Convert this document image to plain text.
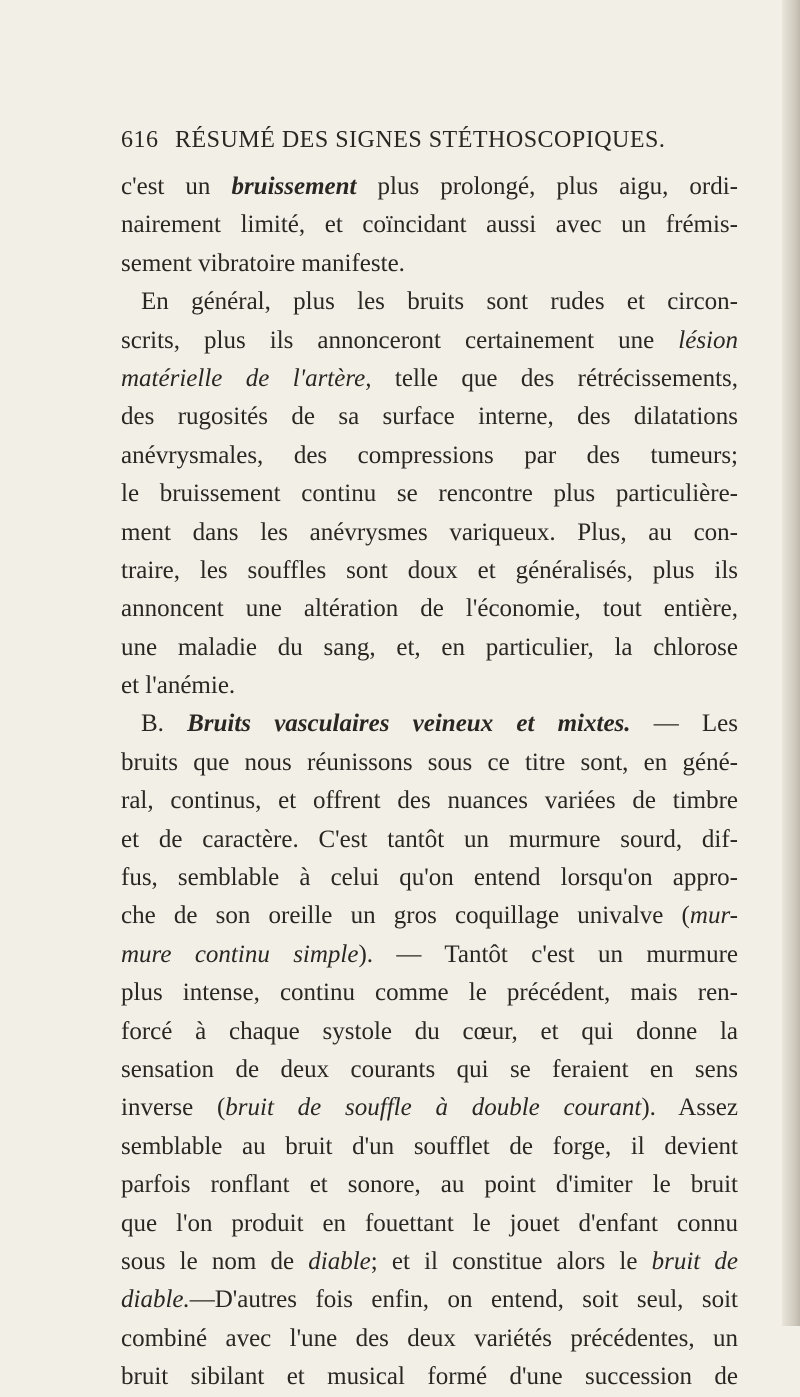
616 RÉSUMÉ DES SIGNES STÉTHOSCOPIQUES.
c'est un bruissement plus prolongé, plus aigu, ordi-
nairement limité, et coïncidant aussi avec un frémis-
sement vibratoire manifeste.
En général, plus les bruits sont rudes et circon-
scrits, plus ils annonceront certainement une lésion
matérielle de l'artère, telle que des rétrécissements,
des rugosités de sa surface interne, des dilatations
anévrysmales, des compressions par des tumeurs;
le bruissement continu se rencontre plus particulière-
ment dans les anévrysmes variqueux. Plus, au con-
traire, les souffles sont doux et généralisés, plus ils
annoncent une altération de l'économie, tout entière,
une maladie du sang, et, en particulier, la chlorose
et l'anémie.
B. Bruits vasculaires veineux et mixtes. — Les
bruits que nous réunissons sous ce titre sont, en géné-
ral, continus, et offrent des nuances variées de timbre
et de caractère. C'est tantôt un murmure sourd, dif-
fus, semblable à celui qu'on entend lorsqu'on appro-
che de son oreille un gros coquillage univalve (mur-
mure continu simple). — Tantôt c'est un murmure
plus intense, continu comme le précédent, mais ren-
forcé à chaque systole du cœur, et qui donne la
sensation de deux courants qui se feraient en sens
inverse (bruit de souffle à double courant). Assez
semblable au bruit d'un soufflet de forge, il devient
parfois ronflant et sonore, au point d'imiter le bruit
que l'on produit en fouettant le jouet d'enfant connu
sous le nom de diable; et il constitue alors le bruit de
diable.—D'autres fois enfin, on entend, soit seul, soit
combiné avec l'une des deux variétés précédentes, un
bruit sibilant et musical formé d'une succession de
